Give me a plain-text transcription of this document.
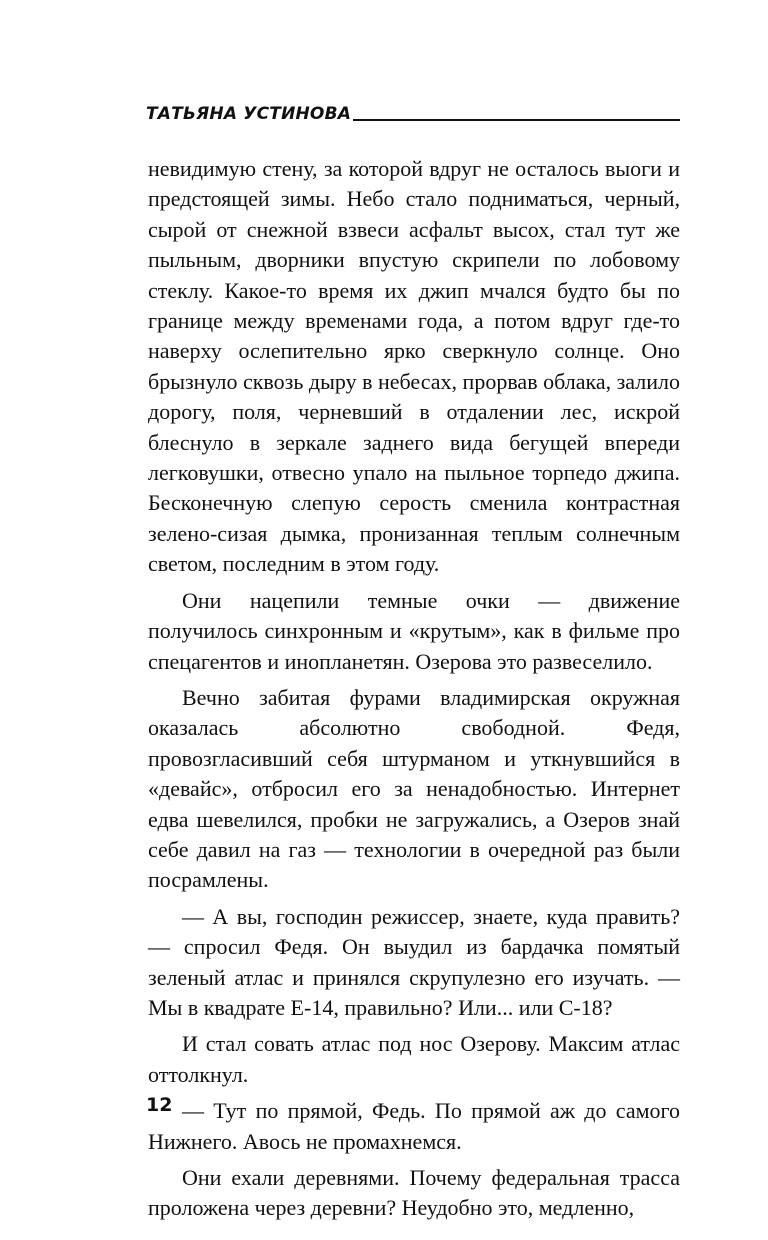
ТАТЬЯНА УСТИНОВА

невидимую стену, за которой вдруг не осталось выоги и предстоящей зимы. Небо стало подниматься, черный, сырой от снежной взвеси асфальт высох, стал тут же пыльным, дворники впустую скрипели по лобовому стеклу. Какое-то время их джип мчался будто бы по границе между временами года, а потом вдруг где-то наверху ослепительно ярко сверкнуло солнце. Оно брызнуло сквозь дыру в небесах, прорвав облака, залило дорогу, поля, черневший в отдалении лес, искрой блеснуло в зеркале заднего вида бегущей впереди легковушки, отвесно упало на пыльное торпедо джипа. Бесконечную слепую серость сменила контрастная зелено-сизая дымка, пронизанная теплым солнечным светом, последним в этом году.

Они нацепили темные очки — движение получилось синхронным и «крутым», как в фильме про спецагентов и инопланетян. Озерова это развеселило.

Вечно забитая фурами владимирская окружная оказалась абсолютно свободной. Федя, провозгласивший себя штурманом и уткнувшийся в «девайс», отбросил его за ненадобностью. Интернет едва шевелился, пробки не загружались, а Озеров знай себе давил на газ — технологии в очередной раз были посрамлены.

— А вы, господин режиссер, знаете, куда править? — спросил Федя. Он выудил из бардачка помятый зеленый атлас и принялся скрупулезно его изучать. — Мы в квадрате Е-14, правильно? Или... или С-18?

И стал совать атлас под нос Озерову. Максим атлас оттолкнул.

— Тут по прямой, Федь. По прямой аж до самого Нижнего. Авось не промахнемся.

Они ехали деревнями. Почему федеральная трасса проложена через деревни? Неудобно это, медленно,

12
